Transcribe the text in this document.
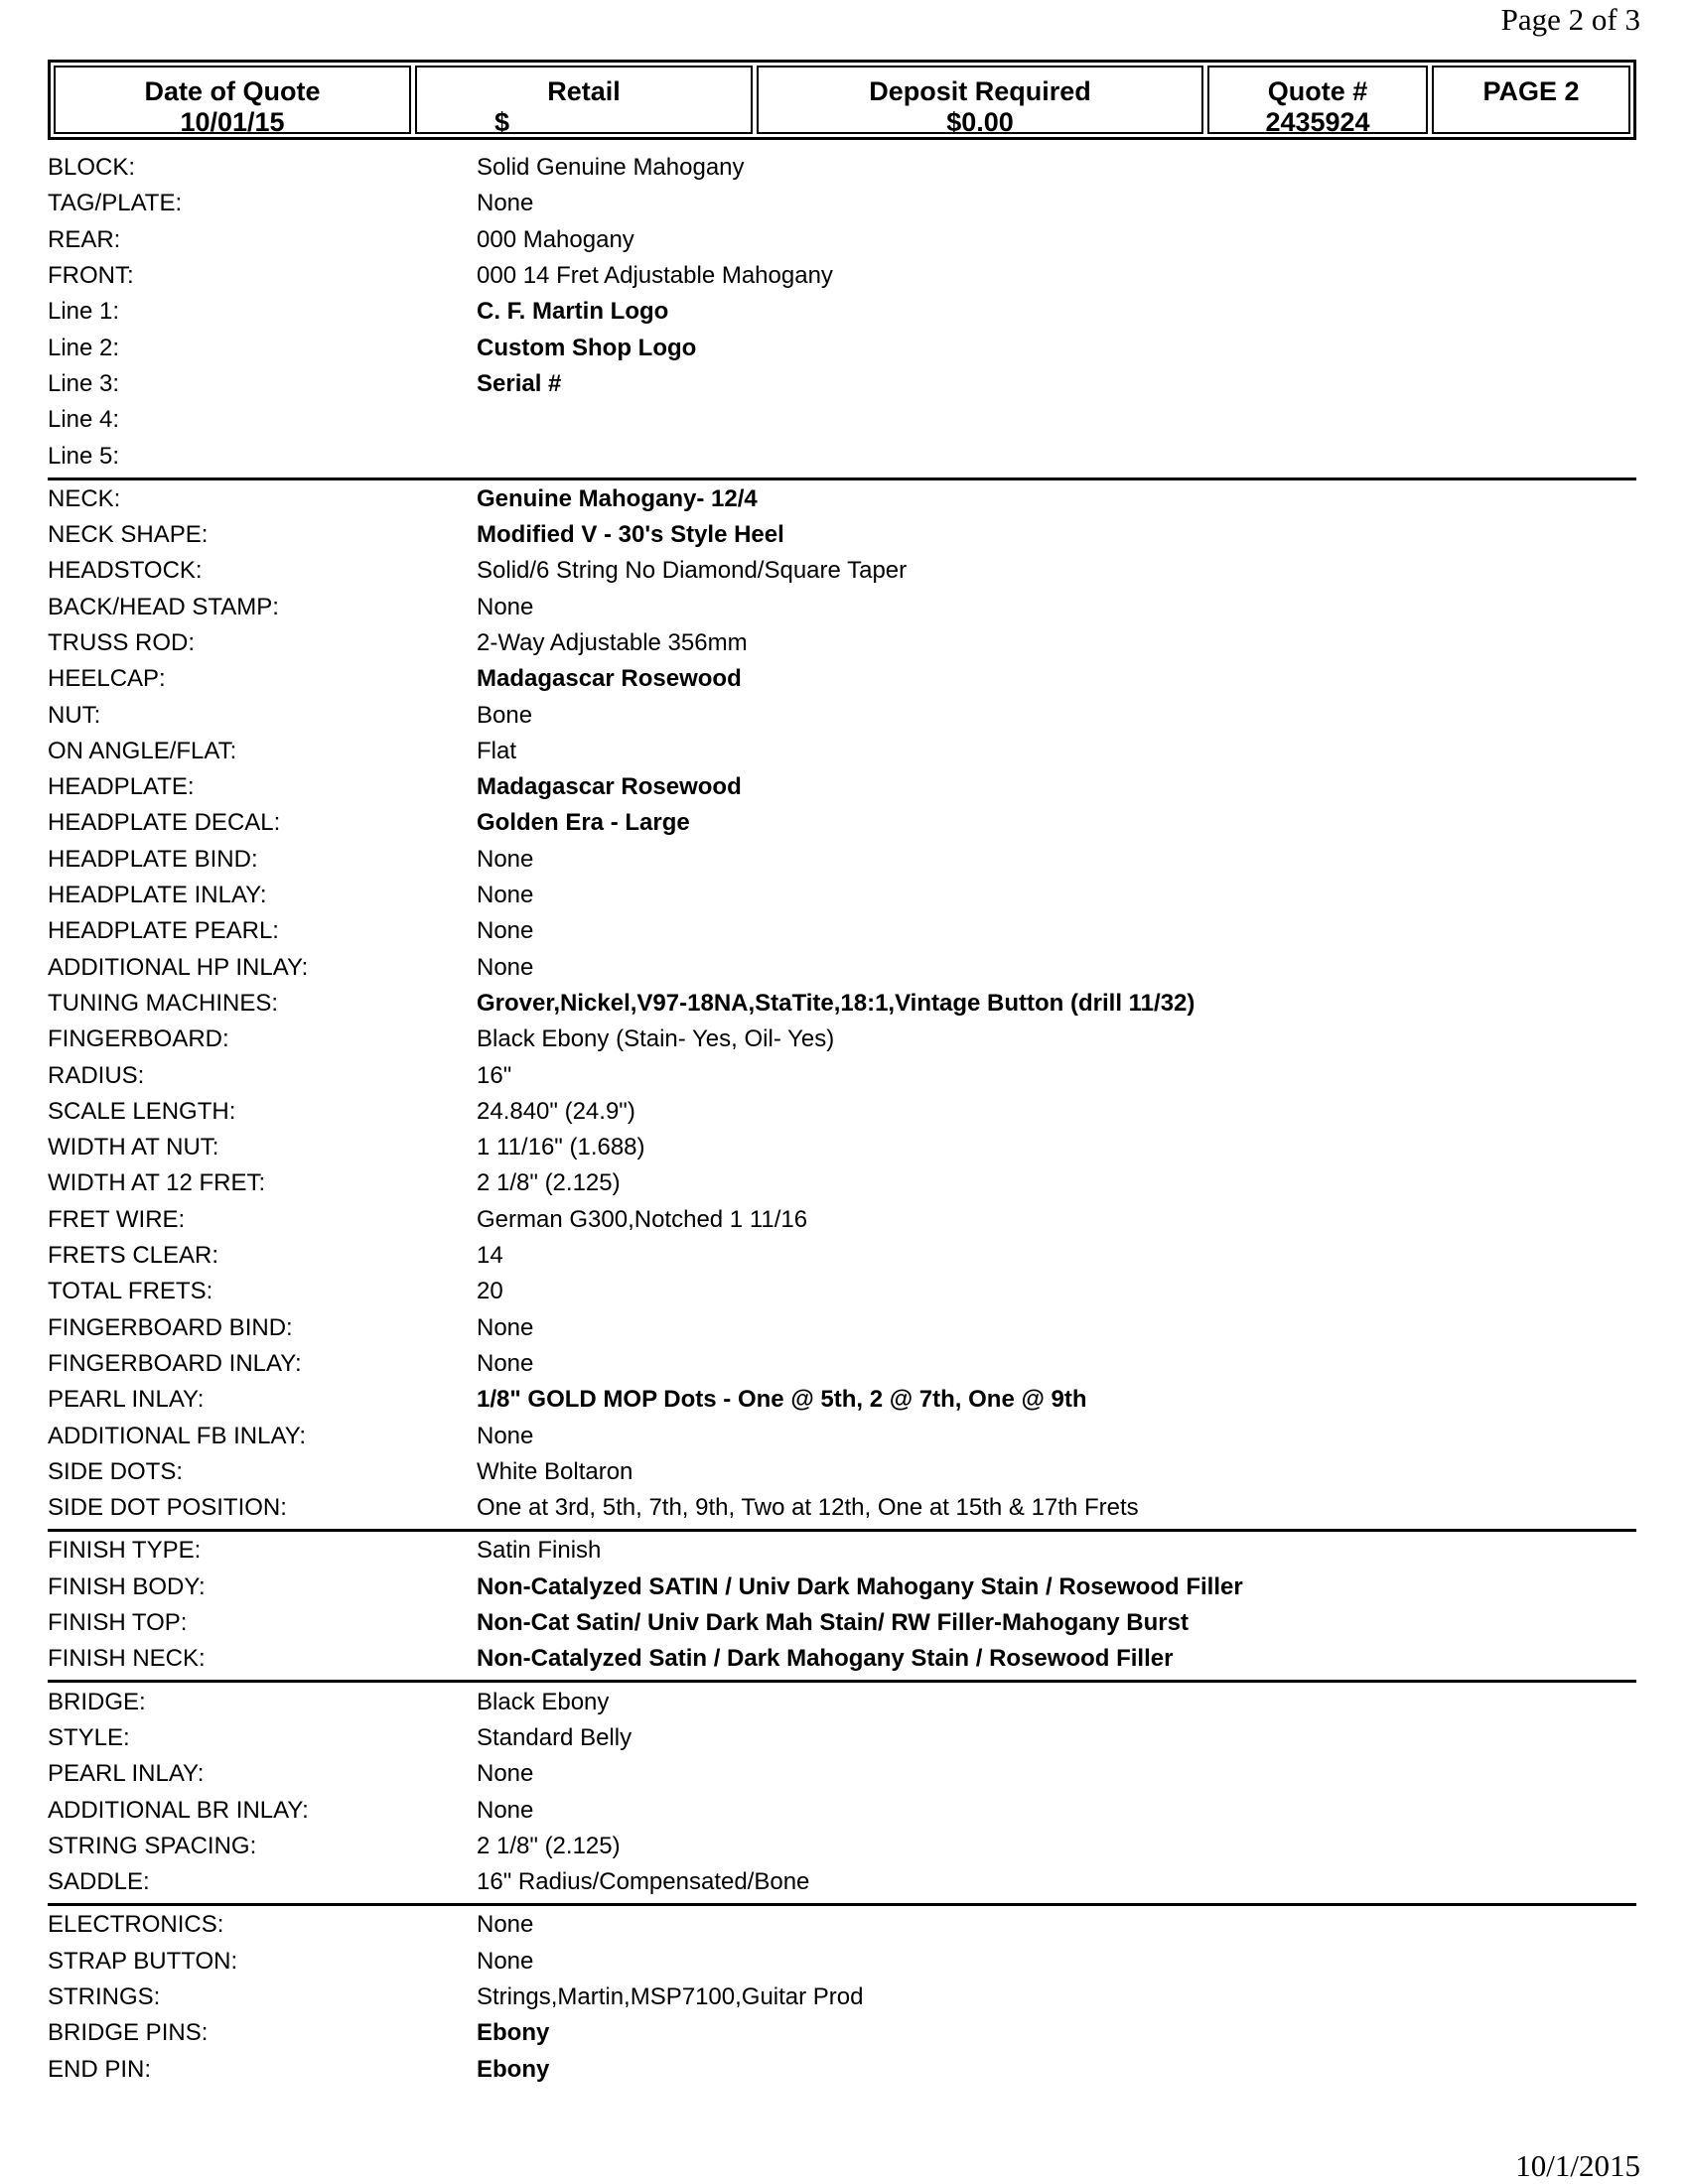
Page 2 of 3
Date of Quote
10/01/15
Retail
$
Deposit Required
$0.00
Quote #
2435924
PAGE 2
BLOCK:	Solid Genuine Mahogany
TAG/PLATE:	None
REAR:	000 Mahogany
FRONT:	000 14 Fret Adjustable Mahogany
Line 1:	C. F. Martin Logo
Line 2:	Custom Shop Logo
Line 3:	Serial #
Line 4:
Line 5:
NECK:	Genuine Mahogany- 12/4
NECK SHAPE:	Modified V - 30's Style Heel
HEADSTOCK:	Solid/6 String No Diamond/Square Taper
BACK/HEAD STAMP:	None
TRUSS ROD:	2-Way Adjustable 356mm
HEELCAP:	Madagascar Rosewood
NUT:	Bone
ON ANGLE/FLAT:	Flat
HEADPLATE:	Madagascar Rosewood
HEADPLATE DECAL:	Golden Era - Large
HEADPLATE BIND:	None
HEADPLATE INLAY:	None
HEADPLATE PEARL:	None
ADDITIONAL HP INLAY:	None
TUNING MACHINES:	Grover,Nickel,V97-18NA,StaTite,18:1,Vintage Button (drill 11/32)
FINGERBOARD:	Black Ebony (Stain- Yes, Oil- Yes)
RADIUS:	16"
SCALE LENGTH:	24.840" (24.9")
WIDTH AT NUT:	1 11/16" (1.688)
WIDTH AT 12 FRET:	2 1/8" (2.125)
FRET WIRE:	German G300,Notched 1 11/16
FRETS CLEAR:	14
TOTAL FRETS:	20
FINGERBOARD BIND:	None
FINGERBOARD INLAY:	None
PEARL INLAY:	1/8" GOLD MOP Dots - One @ 5th, 2 @ 7th, One @ 9th
ADDITIONAL FB INLAY:	None
SIDE DOTS:	White Boltaron
SIDE DOT POSITION:	One at 3rd, 5th, 7th, 9th, Two at 12th, One at 15th & 17th Frets
FINISH TYPE:	Satin Finish
FINISH BODY:	Non-Catalyzed SATIN / Univ Dark Mahogany Stain / Rosewood Filler
FINISH TOP:	Non-Cat Satin/ Univ Dark Mah Stain/ RW Filler-Mahogany Burst
FINISH NECK:	Non-Catalyzed Satin / Dark Mahogany Stain / Rosewood Filler
BRIDGE:	Black Ebony
STYLE:	Standard Belly
PEARL INLAY:	None
ADDITIONAL BR INLAY:	None
STRING SPACING:	2 1/8" (2.125)
SADDLE:	16" Radius/Compensated/Bone
ELECTRONICS:	None
STRAP BUTTON:	None
STRINGS:	Strings,Martin,MSP7100,Guitar Prod
BRIDGE PINS:	Ebony
END PIN:	Ebony
10/1/2015
